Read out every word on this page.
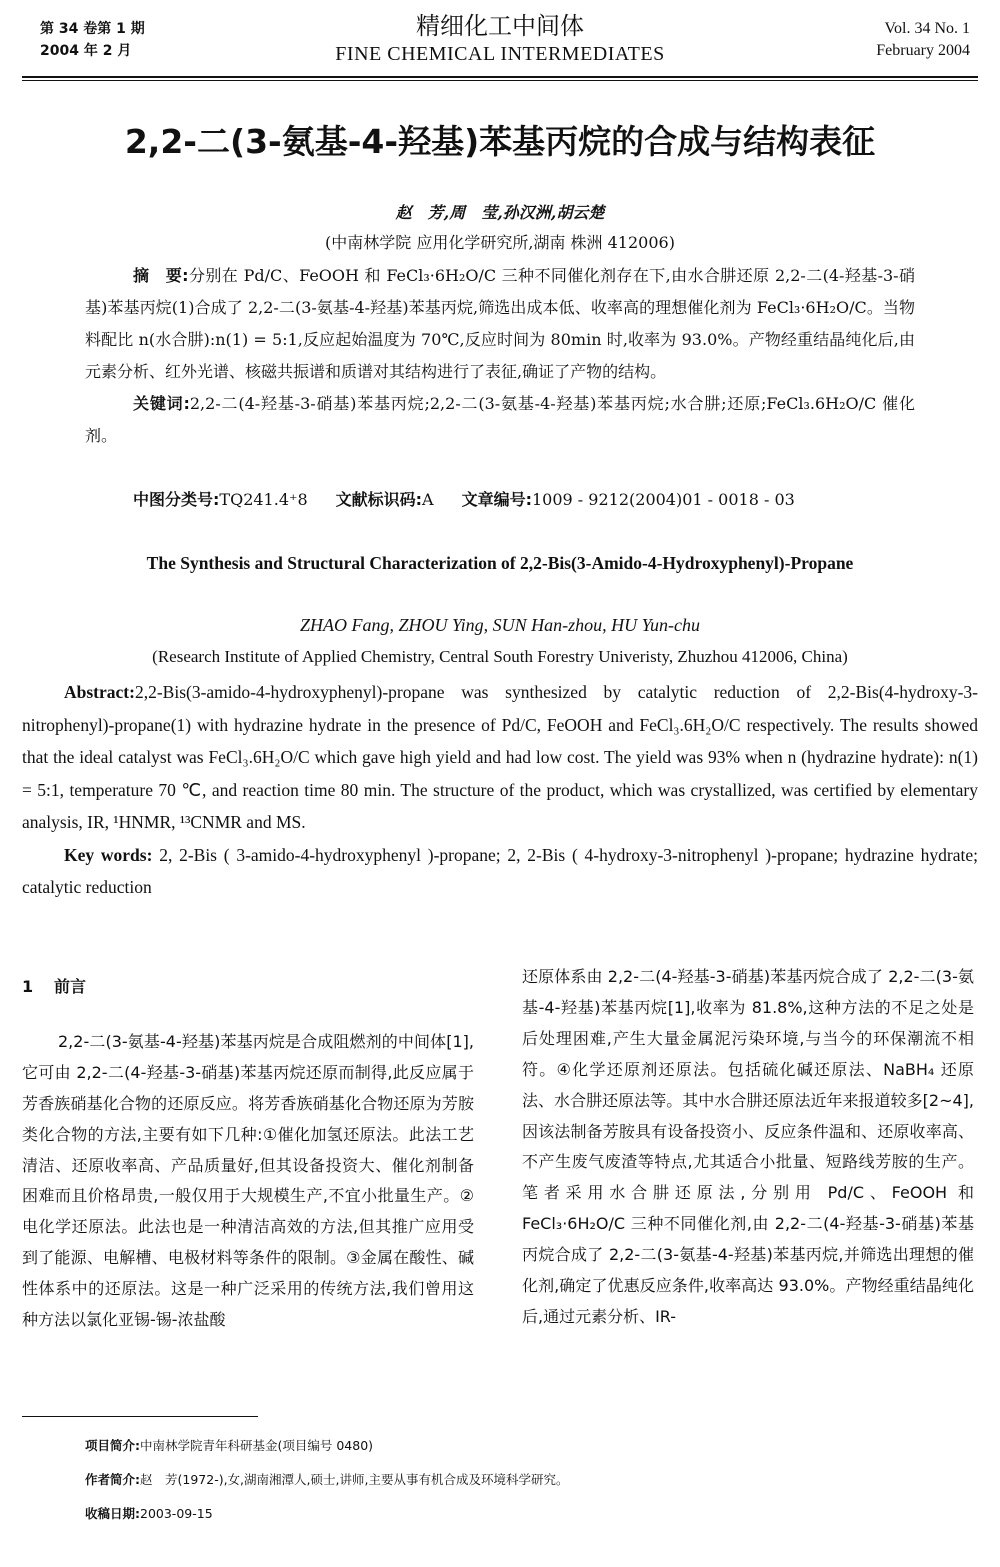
第 34 卷第 1 期
2004 年 2 月
精细化工中间体
FINE CHEMICAL INTERMEDIATES
Vol. 34 No. 1
February 2004
2,2-二(3-氨基-4-羟基)苯基丙烷的合成与结构表征
赵　芳,周　莹,孙汉洲,胡云楚
(中南林学院 应用化学研究所,湖南 株洲 412006)

摘　要:分别在 Pd/C、FeOOH 和 FeCl₃·6H₂O/C 三种不同催化剂存在下,由水合肼还原 2,2-二(4-羟基-3-硝基)苯基丙烷(1)合成了 2,2-二(3-氨基-4-羟基)苯基丙烷,筛选出成本低、收率高的理想催化剂为 FeCl₃·6H₂O/C。当物料配比 n(水合肼):n(1) = 5:1,反应起始温度为 70℃,反应时间为 80min 时,收率为 93.0%。产物经重结晶纯化后,由元素分析、红外光谱、核磁共振谱和质谱对其结构进行了表征,确证了产物的结构。

关键词:2,2-二(4-羟基-3-硝基)苯基丙烷;2,2-二(3-氨基-4-羟基)苯基丙烷;水合肼;还原;FeCl₃.6H₂O/C 催化剂。

中图分类号:TQ241.4⁺8 文献标识码:A 文章编号:1009 - 9212(2004)01 - 0018 - 03
The Synthesis and Structural Characterization of 2,2-Bis(3-Amido-4-Hydroxyphenyl)-Propane
ZHAO Fang, ZHOU Ying, SUN Han-zhou, HU Yun-chu
(Research Institute of Applied Chemistry, Central South Forestry Univeristy, Zhuzhou 412006, China)

Abstract:2,2-Bis(3-amido-4-hydroxyphenyl)-propane was synthesized by catalytic reduction of 2,2-Bis(4-hydroxy-3-nitrophenyl)-propane(1) with hydrazine hydrate in the presence of Pd/C, FeOOH and FeCl₃.6H₂O/C respectively. The results showed that the ideal catalyst was FeCl₃.6H₂O/C which gave high yield and had low cost. The yield was 93% when n (hydrazine hydrate): n(1) = 5:1, temperature 70 ℃, and reaction time 80 min. The structure of the product, which was crystallized, was certified by elementary analysis, IR, ¹HNMR, ¹³CNMR and MS.

Key words: 2, 2-Bis ( 3-amido-4-hydroxyphenyl )-propane; 2, 2-Bis ( 4-hydroxy-3-nitrophenyl )-propane; hydrazine hydrate; catalytic reduction

1 前言

2,2-二(3-氨基-4-羟基)苯基丙烷是合成阻燃剂的中间体[1],它可由 2,2-二(4-羟基-3-硝基)苯基丙烷还原而制得,此反应属于芳香族硝基化合物的还原反应。将芳香族硝基化合物还原为芳胺类化合物的方法,主要有如下几种:①催化加氢还原法。此法工艺清洁、还原收率高、产品质量好,但其设备投资大、催化剂制备困难而且价格昂贵,一般仅用于大规模生产,不宜小批量生产。②电化学还原法。此法也是一种清洁高效的方法,但其推广应用受到了能源、电解槽、电极材料等条件的限制。③金属在酸性、碱性体系中的还原法。这是一种广泛采用的传统方法,我们曾用这种方法以氯化亚锡-锡-浓盐酸

还原体系由 2,2-二(4-羟基-3-硝基)苯基丙烷合成了 2,2-二(3-氨基-4-羟基)苯基丙烷[1],收率为 81.8%,这种方法的不足之处是后处理困难,产生大量金属泥污染环境,与当今的环保潮流不相符。④化学还原剂还原法。包括硫化碱还原法、NaBH₄ 还原法、水合肼还原法等。其中水合肼还原法近年来报道较多[2~4],因该法制备芳胺具有设备投资小、反应条件温和、还原收率高、不产生废气废渣等特点,尤其适合小批量、短路线芳胺的生产。笔者采用水合肼还原法,分别用 Pd/C、FeOOH 和 FeCl₃·6H₂O/C 三种不同催化剂,由 2,2-二(4-羟基-3-硝基)苯基丙烷合成了 2,2-二(3-氨基-4-羟基)苯基丙烷,并筛选出理想的催化剂,确定了优惠反应条件,收率高达 93.0%。产物经重结晶纯化后,通过元素分析、IR-

项目简介:中南林学院青年科研基金(项目编号 0480)
作者简介:赵　芳(1972-),女,湖南湘潭人,硕士,讲师,主要从事有机合成及环境科学研究。
收稿日期:2003-09-15
